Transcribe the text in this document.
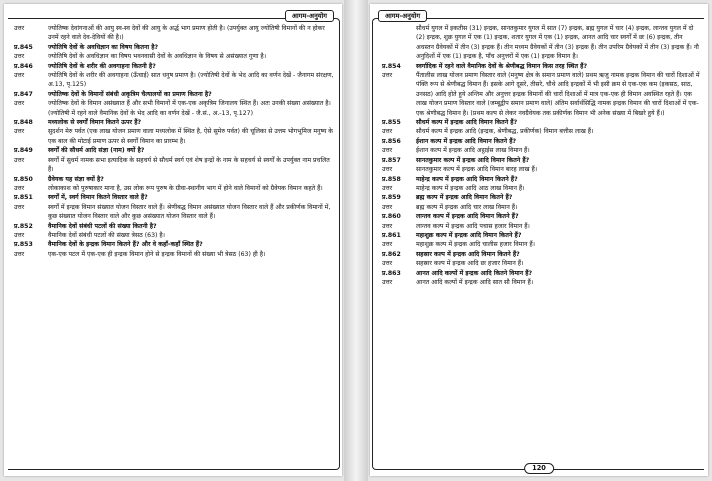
आगम-अनुयोग
उत्तर	ज्योतिष्क देवांगनाओं की आयु स्व-स्व देवों की आयु के अर्द्ध भाग प्रमाण होती है। (उपर्युक्त आयु ज्योतिषी विमानों की न होकर उनमें रहने वाले देव-देवियों की है।)
प्र.845	ज्योतिषि देवों के अवधिज्ञान का विषय कितना है?
उत्तर	ज्योतिषि देवों के अवधिज्ञान का विषय भवनवासी देवों के अवधिज्ञान के विषय से असंख्यात गुणा है।
प्र.846	ज्योतिषि देवों के शरीर की अवगाहना कितनी है?
उत्तर	ज्योतिषि देवों के शरीर की अवगाहना (ऊँचाई) सात धनुष प्रमाण है। (ज्योतिषी देवों के भेद आदि का वर्णन देखें - जैनागम संरक्षण, अ.13, पृ.125)
प्र.847	ज्योतिष्क देवों के विमानों संबंधी अकृत्रिम चैत्यालयों का प्रमाण कितना है?
उत्तर	ज्योतिष्क देवों के विमान असंख्यात हैं और सभी विमानों में एक-एक अकृत्रिम जिनालय स्थित हैं। अतः उनकी संख्या असंख्यात है। (ज्योतिषी में रहने वाले वैमानिक देवों के भेद आदि का वर्णन देखें - जै.सं., अ.-13, पृ.127)
प्र.848	मध्यलोक से स्वर्गों विमान कितने ऊपर हैं?
उत्तर	सुदर्शन मेरु पर्वत (एक लाख योजन प्रमाण वाला मध्यलोक में स्थित है, ऐसे सुमेरु पर्वत) की चूलिका से उत्तम भोगभूमिज मनुष्य के एक बाल की मोटाई प्रमाण ऊपर से स्वर्गों विमान का प्रारम्भ है।
प्र.849	स्वर्गों की सौधर्म आदि संज्ञा (नाम) क्यों है?
उत्तर	स्वर्गों में सुधर्म नामक सभा इत्यादिक के सहचर्य से सौधर्म स्वर्ग एवं शेष इन्द्रों के नाम के सहचर्य से स्वर्गों के उपर्युक्त नाम प्रचलित हैं।
प्र.850	ग्रैवेयक यह संज्ञा क्यों है?
उत्तर	लोकाकाश को पुरुषाकार माना है, उस लोक रूप पुरुष के ग्रीवा-स्थानीय भाग में होने वाले विमानों को ग्रैवेयक विमान कहते हैं।
प्र.851	स्वर्गों में, स्वर्ग विमान कितने विस्तार वाले हैं?
उत्तर	स्वर्गों में इन्द्रक विमान संख्यात योजन विस्तार वाले हैं। श्रेणीबद्ध विमान असंख्यात योजन विस्तार वाले हैं और प्रकीर्णक विमानों में, कुछ संख्यात योजन विस्तार वाले और कुछ असंख्यात योजन विस्तार वाले हैं।
प्र.852	वैमानिक देवों संबंधी पटलों की संख्या कितनी है?
उत्तर	वैमानिक देवों संबंधी पटलों की संख्या त्रेसठ (63) है।
प्र.853	वैमानिक देवों के इन्द्रक विमान कितने हैं? और वे कहाँ-कहाँ स्थित हैं?
उत्तर	एक-एक पटल में एक-एक ही इन्द्रक विमान होने से इन्द्रक विमानों की संख्या भी त्रेसठ (63) ही है।
आगम-अनुयोग
सौधर्म युगल में इकतीस (31) इन्द्रक, सानतकुमार युगल में सात (7) इन्द्रक, ब्रह्म युगल में चार (4) इन्द्रक, लान्तव युगल में दो (2) इन्द्रक, शुक्र युगल में एक (1) इन्द्रक, शतार युगल में एक (1) इन्द्रक, आनत आदि चार स्वर्गों में छः (6) इन्द्रक, तीन अधस्तन ग्रैवेयकों में तीन (3) इन्द्रक हैं। तीन मध्यम ग्रैवेयकों में तीन (3) इन्द्रक हैं। तीन उपरिम ग्रैवेयकों में तीन (3) इन्द्रक हैं। नौ अनुदिशों में एक (1) इन्द्रक है, पाँच अनुत्तरों में एक (1) इन्द्रक विमान है।
प्र.854	स्वर्गादिक में रहने वाले वैमानिक देवों के श्रेणीबद्ध विमान किस तरह स्थित हैं?
उत्तर	पैंतालीस लाख योजन प्रमाण विस्तार वाले (मनुष्य क्षेत्र के समान प्रमाण वाले) प्रथम ऋजु नामक इन्द्रक विमान की चारों दिशाओं में पंक्ति रूप से श्रेणीबद्ध विमान हैं। इसके आगे दूसरे, तीसरे, चौथे आदि इन्द्रकों में भी इसी क्रम से एक-एक कम (इकसठ, साठ, उनसठ) आदि होते हुये अन्तिम और अनुत्तर इन्द्रक विमानों की चारों दिशाओं में मात्र एक-एक ही विमान अवस्थित रहते हैं। एक लाख योजन प्रमाण विस्तार वाले (जम्बूद्वीप समान प्रमाण वाले) अंतिम सर्वार्थसिद्धि नामक इन्द्रक विमान की चारों दिशाओं में एक-एक श्रेणीबद्ध विमान है। (प्रथम कल्प से लेकर नवग्रैवेयक तक प्रकीर्णक विमान भी अनेक संख्या में बिखरे हुये हैं।)
प्र.855	सौधर्म कल्प में इन्द्रक आदि विमान कितने हैं?
उत्तर	सौधर्म कल्प में इन्द्रक आदि (इन्द्रक, श्रेणीबद्ध, प्रकीर्णक) विमान बत्तीस लाख हैं।
प्र.856	ईशान कल्प में इन्द्रक आदि विमान कितने हैं?
उत्तर	ईशान कल्प में इन्द्रक आदि अट्ठाईस लाख विमान हैं।
प्र.857	सानतकुमार कल्प में इन्द्रक आदि विमान कितने हैं?
उत्तर	सानतकुमार कल्प में इन्द्रक आदि विमान बारह लाख हैं।
प्र.858	माहेन्द्र कल्प में इन्द्रक आदि विमान कितने हैं?
उत्तर	माहेन्द्र कल्प में इन्द्रक आदि आठ लाख विमान हैं।
प्र.859	ब्रह्म कल्प में इन्द्रक आदि विमान कितने हैं?
उत्तर	ब्रह्म कल्प में इन्द्रक आदि चार लाख विमान हैं।
प्र.860	लान्तव कल्प में इन्द्रक आदि विमान कितने हैं?
उत्तर	लान्तव कल्प में इन्द्रक आदि पचास हजार विमान हैं।
प्र.861	महाशुक्र कल्प में इन्द्रक आदि विमान कितने हैं?
उत्तर	महाशुक्र कल्प में इन्द्रक आदि चालीस हजार विमान हैं।
प्र.862	सहस्रार कल्प में इन्द्रक आदि विमान कितने हैं?
उत्तर	सहस्रार कल्प में इन्द्रक आदि छः हजार विमान हैं।
प्र.863	आनत आदि कल्पों में इन्द्रक आदि कितने विमान हैं?
उत्तर	आनत आदि कल्पों में इन्द्रक आदि सात सौ विमान हैं।
120
